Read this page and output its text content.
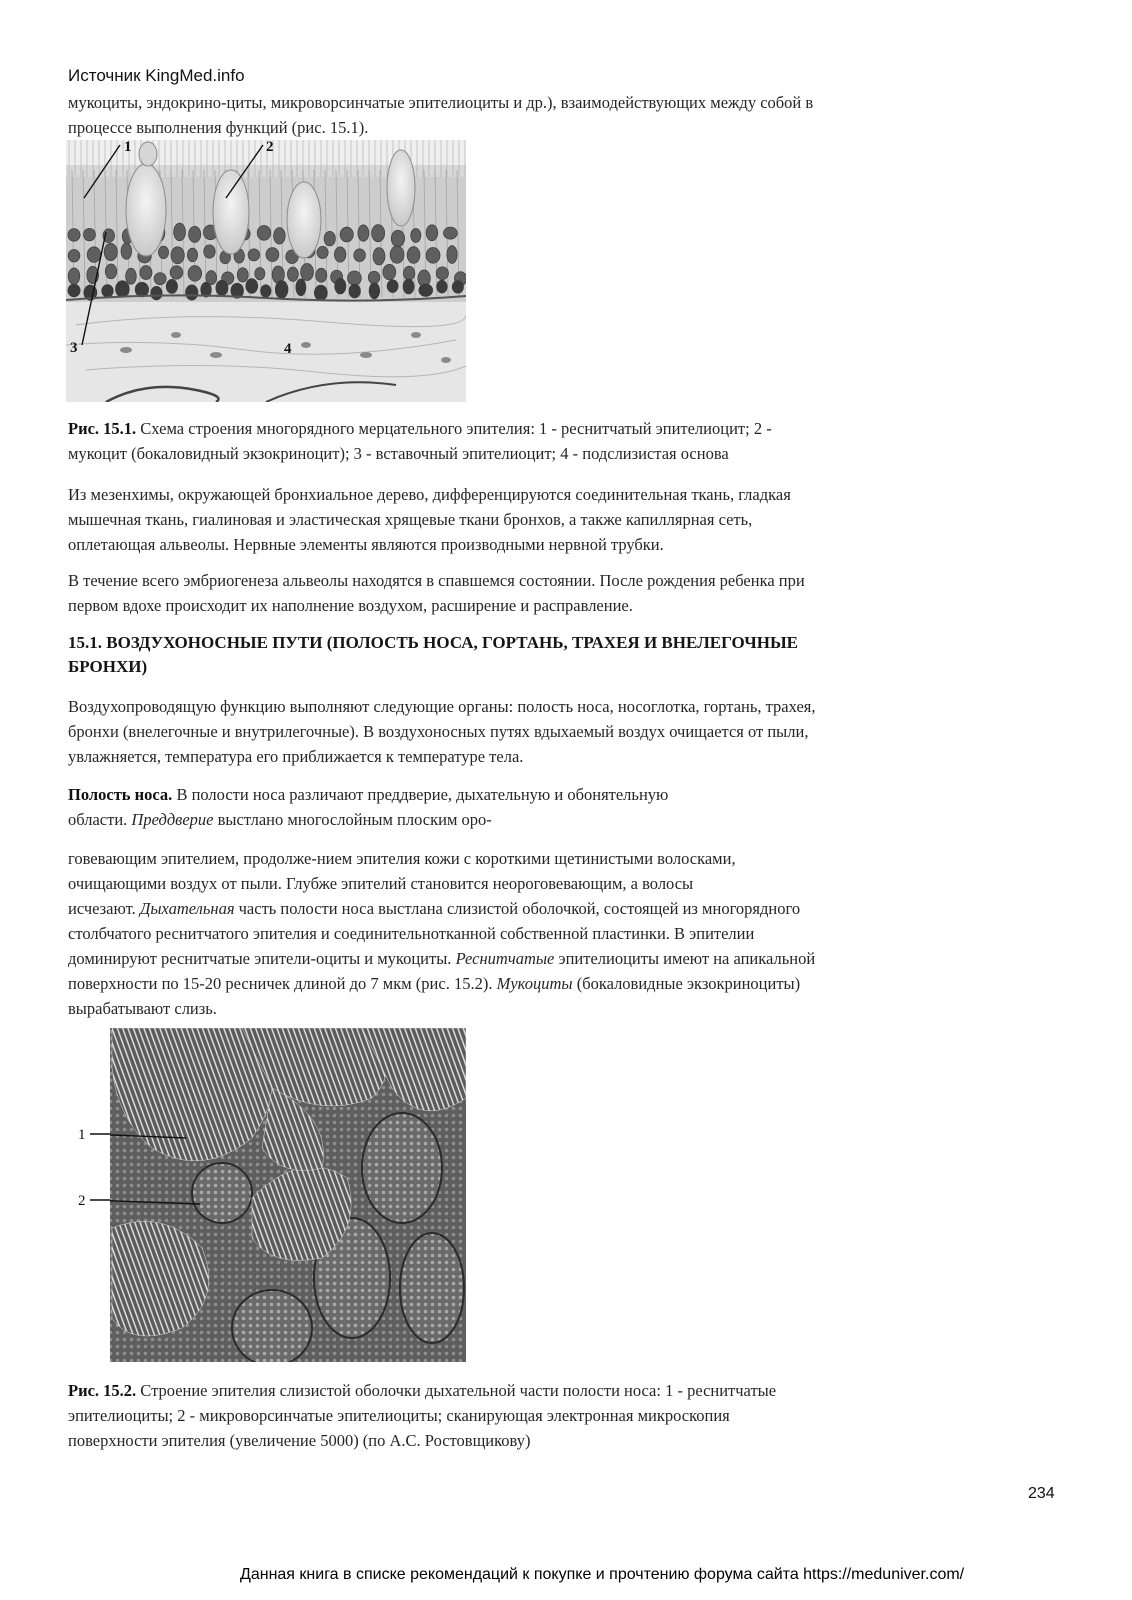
Источник KingMed.info
мукоциты, эндокрино-циты, микроворсинчатые эпителиоциты и др.), взаимодействующих между собой в
процессе выполнения функций (рис. 15.1).
1	2
3	4
Рис. 15.1. Схема строения многорядного мерцательного эпителия: 1 - реснитчатый эпителиоцит; 2 -
мукоцит (бокаловидный экзокриноцит); 3 - вставочный эпителиоцит; 4 - подслизистая основа
Из мезенхимы, окружающей бронхиальное дерево, дифференцируются соединительная ткань, гладкая
мышечная ткань, гиалиновая и эластическая хрящевые ткани бронхов, а также капиллярная сеть,
оплетающая альвеолы. Нервные элементы являются производными нервной трубки.
В течение всего эмбриогенеза альвеолы находятся в спавшемся состоянии. После рождения ребенка при
первом вдохе происходит их наполнение воздухом, расширение и расправление.
15.1. ВОЗДУХОНОСНЫЕ ПУТИ (ПОЛОСТЬ НОСА, ГОРТАНЬ, ТРАХЕЯ И ВНЕЛЕГОЧНЫЕ
БРОНХИ)
Воздухопроводящую функцию выполняют следующие органы: полость носа, носоглотка, гортань, трахея,
бронхи (внелегочные и внутрилегочные). В воздухоносных путях вдыхаемый воздух очищается от пыли,
увлажняется, температура его приближается к температуре тела.
Полость носа. В полости носа различают преддверие, дыхательную и обонятельную
области. Преддверие выстлано многослойным плоским оро-
говевающим эпителием, продолже-нием эпителия кожи с короткими щетинистыми волосками,
очищающими воздух от пыли. Глубже эпителий становится неороговевающим, а волосы
исчезают. Дыхательная часть полости носа выстлана слизистой оболочкой, состоящей из многорядного
столбчатого реснитчатого эпителия и соединительнотканной собственной пластинки. В эпителии
доминируют реснитчатые эпители-оциты и мукоциты. Реснитчатые эпителиоциты имеют на апикальной
поверхности по 15-20 ресничек длиной до 7 мкм (рис. 15.2). Мукоциты (бокаловидные экзокриноциты)
вырабатывают слизь.
1
2
Рис. 15.2. Строение эпителия слизистой оболочки дыхательной части полости носа: 1 - реснитчатые
эпителиоциты; 2 - микроворсинчатые эпителиоциты; сканирующая электронная микроскопия
поверхности эпителия (увеличение 5000) (по А.С. Ростовщикову)
234
Данная книга в списке рекомендаций к покупке и прочтению форума сайта https://meduniver.com/
